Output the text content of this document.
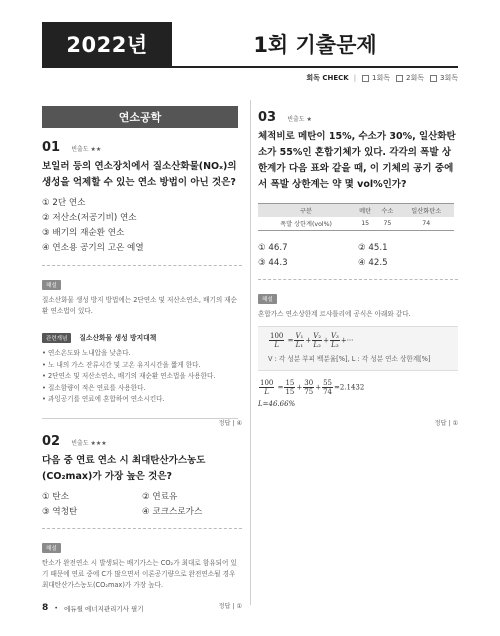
2022년	1회 기출문제
회독 CHECK | 1회독 2회독 3회독
연소공학
01 빈출도 ★★
보일러 등의 연소장치에서 질소산화물(NOₓ)의 생성을 억제할 수 있는 연소 방법이 아닌 것은?
① 2단 연소
② 저산소(저공기비) 연소
③ 배기의 재순환 연소
④ 연소용 공기의 고온 예열
해설
질소산화물 생성 방지 방법에는 2단연소 및 저산소연소, 배기의 재순환 연소법이 있다.
관련개념 질소산화물 생성 방지대책
• 연소온도와 노내압을 낮춘다.
• 노 내의 가스 잔류시간 및 고온 유지시간을 짧게 한다.
• 2단연소 및 저산소연소, 배기의 재순환 연소법을 사용한다.
• 질소함량이 적은 연료를 사용한다.
• 과잉공기를 연료에 혼합하여 연소시킨다.
정답 | ④
02 빈출도 ★★★
다음 중 연료 연소 시 최대탄산가스농도(CO₂max)가 가장 높은 것은?
① 탄소	② 연료유
③ 역청탄	④ 코크스로가스
해설
탄소가 완전연소 시 발생되는 배기가스는 CO₂가 최대로 함유되어 있기 때문에 연료 중에 C가 많으면서 이론공기량으로 완전연소될 경우 최대탄산가스농도(CO₂max)가 가장 높다.
정답 | ①
03 빈출도 ★
체적비로 메탄이 15%, 수소가 30%, 일산화탄소가 55%인 혼합기체가 있다. 각각의 폭발 상한계가 다음 표와 같을 때, 이 기체의 공기 중에서 폭발 상한계는 약 몇 vol%인가?
구분	메탄	수소	일산화탄소
폭발 상한계(vol%)	15	75	74
① 46.7	② 45.1
③ 44.3	④ 42.5
해설
혼합가스 연소상한계 르샤틀리에 공식은 아래와 같다.
$\frac{100}{L} = \frac{\text{V₁}}{\text{L₁}} + \frac{\text{V₂}}{\text{L₂}} + \frac{\text{V₃}}{\text{L₃}}$ +···
V : 각 성분 부피 백분율[%], L : 각 성분 연소 상한계[%]
$\frac{100}{L} = \frac{15}{15} + \frac{30}{75} + \frac{55}{74} =2.1432$
L=46.66%
정답 | ①
8 • 에듀윌 에너지관리기사 필기
